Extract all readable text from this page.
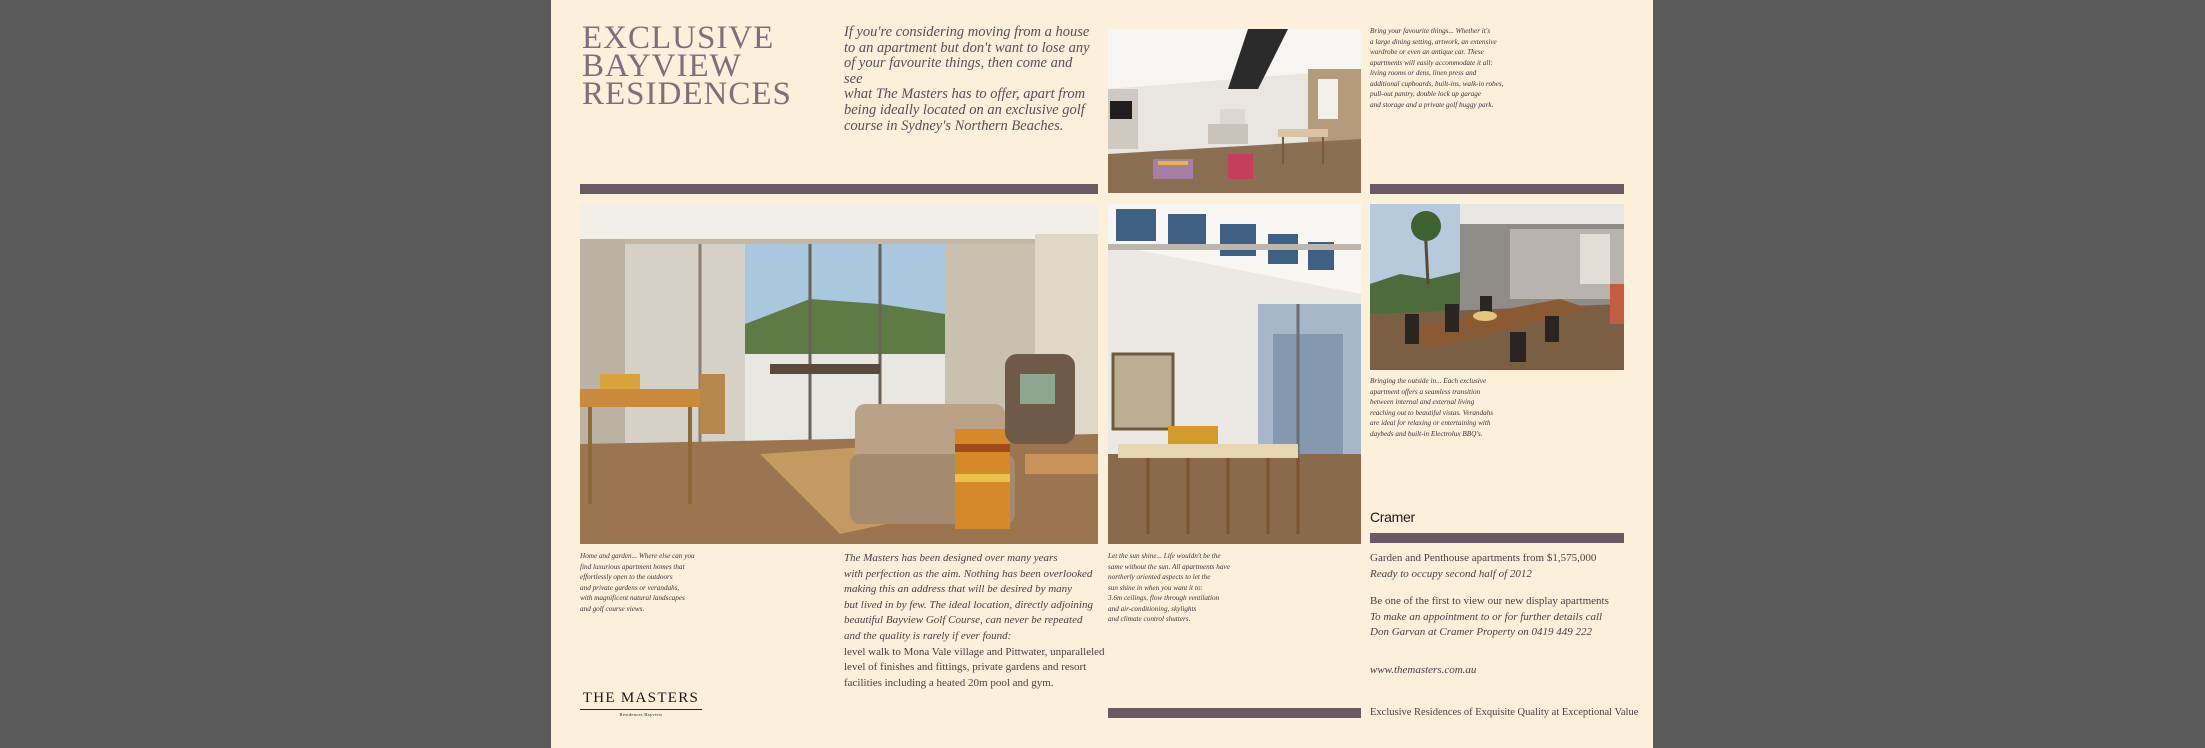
EXCLUSIVE
BAYVIEW
RESIDENCES
If you're considering moving from a house
to an apartment but don't want to lose any
of your favourite things, then come and see
what The Masters has to offer, apart from
being ideally located on an exclusive golf
course in Sydney's Northern Beaches.
Bring your favourite things... Whether it's
a large dining setting, artwork, an extensive
wardrobe or even an antique car. These
apartments will easily accommodate it all:
living rooms or dens, linen press and
additional cupboards, built-ins, walk-in robes,
pull-out pantry, double lock up garage
and storage and a private golf buggy park.
Bringing the outside in... Each exclusive
apartment offers a seamless transition
between internal and external living
reaching out to beautiful vistas. Verandahs
are ideal for relaxing or entertaining with
daybeds and built-in Electrolux BBQ's.
Cramer
Home and garden... Where else can you
find luxurious apartment homes that
effortlessly open to the outdoors
and private gardens or verandahs,
with magnificent natural landscapes
and golf course views.
The Masters has been designed over many years
with perfection as the aim. Nothing has been overlooked
making this an address that will be desired by many
but lived in by few. The ideal location, directly adjoining
beautiful Bayview Golf Course, can never be repeated
and the quality is rarely if ever found:
level walk to Mona Vale village and Pittwater, unparalleled
level of finishes and fittings, private gardens and resort
facilities including a heated 20m pool and gym.
Let the sun shine... Life wouldn't be the
same without the sun. All apartments have
northerly oriented aspects to let the
sun shine in when you want it to:
3.6m ceilings, flow through ventilation
and air-conditioning, skylights
and climate control shutters.
Garden and Penthouse apartments from $1,575,000
Ready to occupy second half of 2012
Be one of the first to view our new display apartments
To make an appointment to or for further details call
Don Garvan at Cramer Property on 0419 449 222
www.themasters.com.au
Exclusive Residences of Exquisite Quality at Exceptional Value
THE MASTERS
Residences Bayview
